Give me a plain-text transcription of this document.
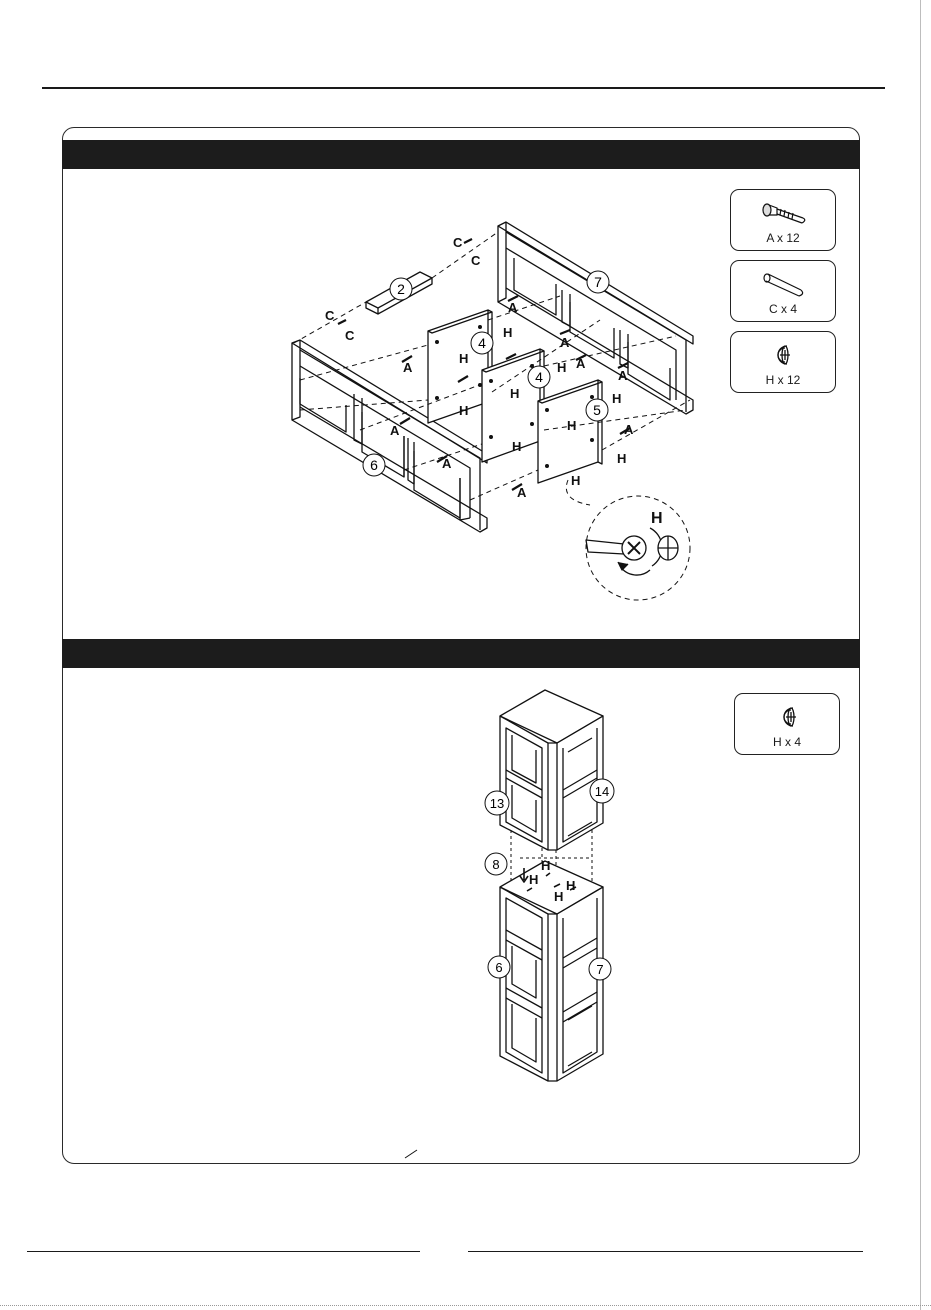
A x 12
C x 4
H x 12
H x 4
C
C
C
C
A
A
A
A
A
A
A
A
A
H
H
H
H
H	H
H
H
H
H
H
2	7
4
4
5
6
H
H H
H
13
14
8
6	7
